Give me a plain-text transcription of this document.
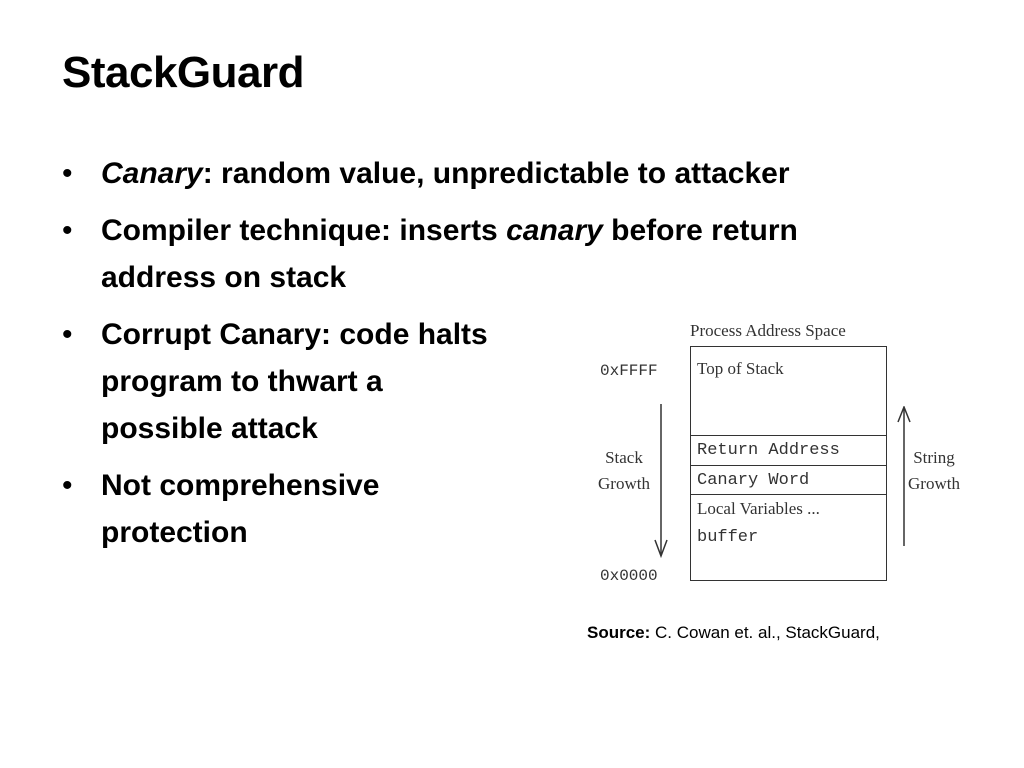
StackGuard
• Canary: random value, unpredictable to attacker
• Compiler technique: inserts canary before return
address on stack
• Corrupt Canary: code halts
program to thwart a
possible attack
• Not comprehensive
protection
Process Address Space
0xFFFF
0x0000
Top of Stack
Return Address
Canary Word
Local Variables ...
buffer
Stack
Growth
String
Growth
Source: C. Cowan et. al., StackGuard,
